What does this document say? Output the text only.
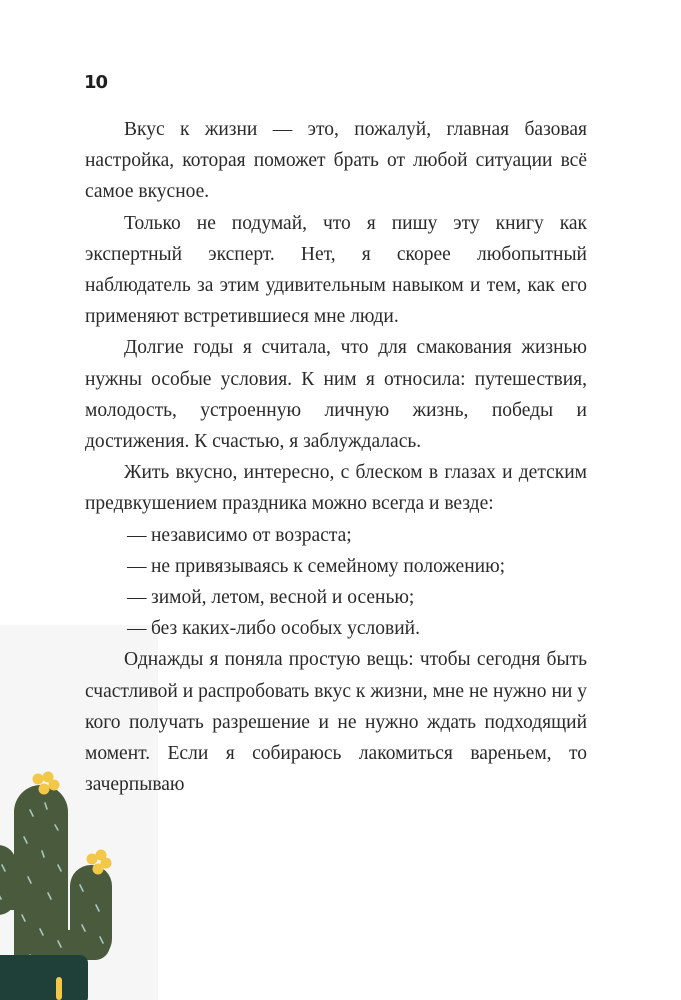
10

Вкус к жизни — это, пожалуй, главная базовая настройка, которая поможет брать от любой ситуации всё самое вкусное.

Только не подумай, что я пишу эту книгу как экспертный эксперт. Нет, я скорее любопытный наблюдатель за этим удивительным навыком и тем, как его применяют встретившиеся мне люди.

Долгие годы я считала, что для смакования жизнью нужны особые условия. К ним я относила: путешествия, молодость, устроенную личную жизнь, победы и достижения. К счастью, я заблуждалась.

Жить вкусно, интересно, с блеском в глазах и детским предвкушением праздника можно всегда и везде:

— независимо от возраста;
— не привязываясь к семейному положению;
— зимой, летом, весной и осенью;
— без каких-либо особых условий.

Однажды я поняла простую вещь: чтобы сегодня быть счастливой и распробовать вкус к жизни, мне не нужно ни у кого получать разрешение и не нужно ждать подходящий момент. Если я собираюсь лакомиться вареньем, то зачерпываю
